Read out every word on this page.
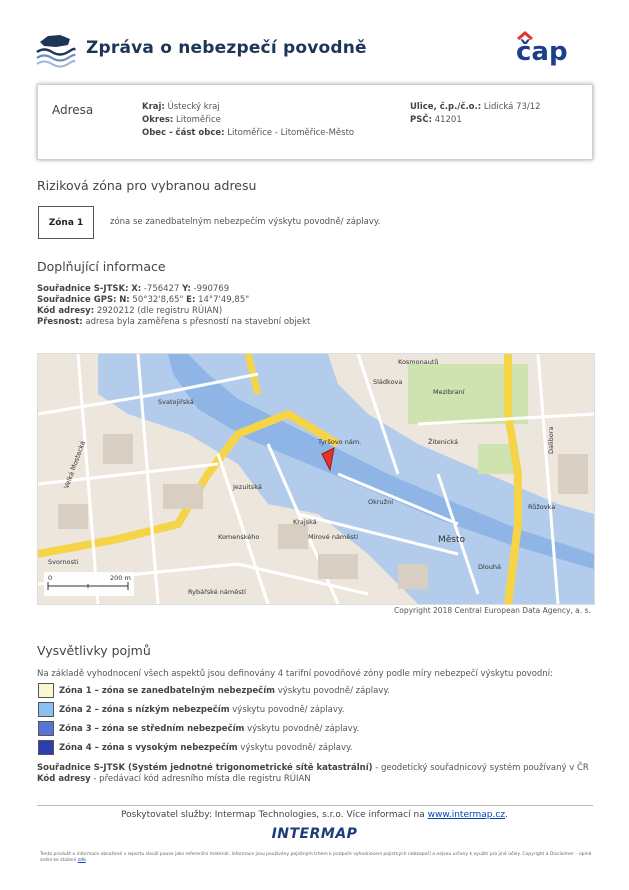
Zpráva o nebezpečí povodně	čap
Adresa	Kraj: Ústecký kraj
Okres: Litoměřice
Obec - část obce: Litoměřice - Litoměřice-Město
Ulice, č.p./č.o.: Lidická 73/12
PSČ: 41201
Riziková zóna pro vybranou adresu
Zóna 1	zóna se zanedbatelným nebezpečím výskytu povodně/ záplavy.
Doplňující informace
Souřadnice S-JTSK: X: -756427 Y: -990769
Souřadnice GPS: N: 50°32'8,65" E: 14°7'49,85"
Kód adresy: 2920212 (dle registru RÚIAN)
Přesnost: adresa byla zaměřena s přesností na stavební objekt
Svatojiřská
Velká Mostecká
Mírové náměstí	Město
Růžovka
Dalibora
Mezibraní
Jezuitská
Okružní
Tyršovo nám.
Kosmonautů
Sládkova
Rybářské náměstí
Svornosti
Komenského
Krajská
Žitenická
Dlouhá
0	200 m
Copyright 2018 Central European Data Agency, a. s.
Vysvětlivky pojmů
Na základě vyhodnocení všech aspektů jsou definovány 4 tarifní povodňové zóny podle míry nebezpečí výskytu povodní:
Zóna 1 – zóna se zanedbatelným nebezpečím
výskytu povodně/ záplavy.
Zóna 2 – zóna s nízkým nebezpečím
výskytu povodně/ záplavy.
Zóna 3 – zóna se středním nebezpečím
výskytu povodně/ záplavy.
Zóna 4 – zóna s vysokým nebezpečím
výskytu povodně/ záplavy.
Souřadnice S-JTSK (Systém jednotné trigonometrické sítě katastrální) - geodetický souřadnicový systém používaný v ČR
Kód adresy - předávací kód adresního místa dle registru RÚIAN
Poskytovatel služby: Intermap Technologies, s.r.o. Více informací na www.intermap.cz.
INTERMAP
Tento produkt a informace obsažené v reportu slouží pouze jako referenční materiál. Informace jsou používány pojistným trhem k podpoře vyhodnocení pojistných nebezpečí a nejsou určeny k využití pro jiné účely. Copyright a Disclaimer – úplné znění ke stažení zde.
